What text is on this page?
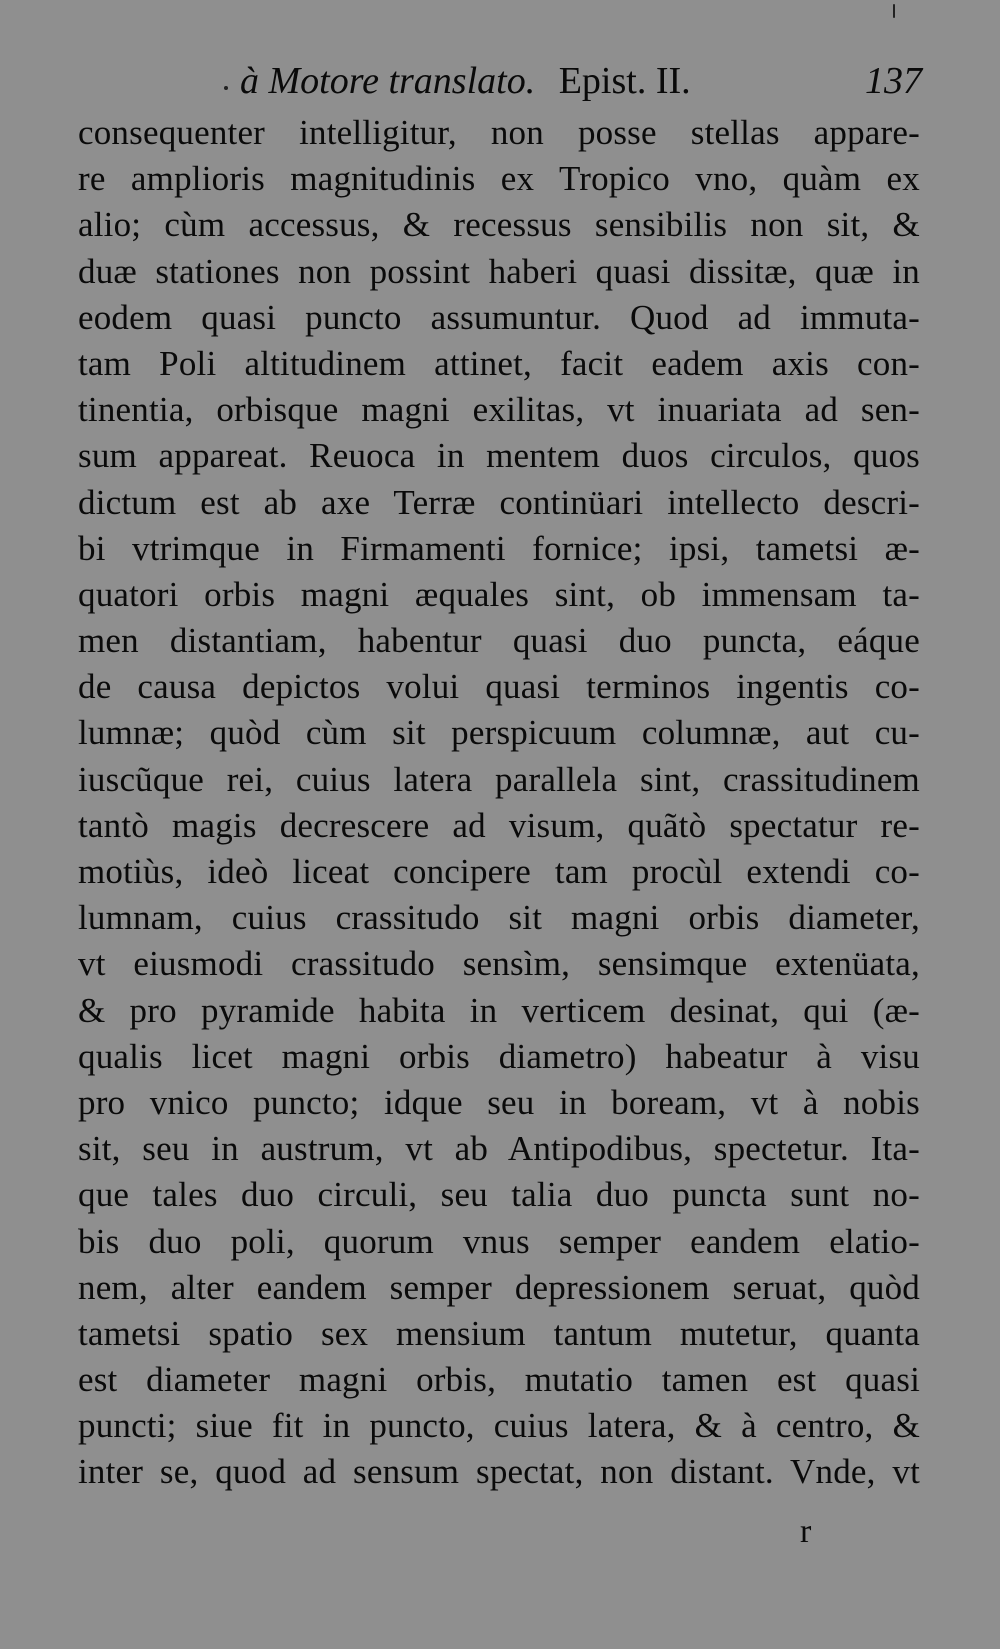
à Motore translato. Epist. II.	137
consequenter intelligitur, non posse stellas appare-
re amplioris magnitudinis ex Tropico vno, quàm ex
alio; cùm accessus, & recessus sensibilis non sit, &
duæ stationes non possint haberi quasi dissitæ, quæ in
eodem quasi puncto assumuntur. Quod ad immuta-
tam Poli altitudinem attinet, facit eadem axis con-
tinentia, orbisque magni exilitas, vt inuariata ad sen-
sum appareat. Reuoca in mentem duos circulos, quos
dictum est ab axe Terræ continüari intellecto descri-
bi vtrimque in Firmamenti fornice; ipsi, tametsi æ-
quatori orbis magni æquales sint, ob immensam ta-
men distantiam, habentur quasi duo puncta, eáque
de causa depictos volui quasi terminos ingentis co-
lumnæ; quòd cùm sit perspicuum columnæ, aut cu-
iuscũque rei, cuius latera parallela sint, crassitudinem
tantò magis decrescere ad visum, quãtò spectatur re-
motiùs, ideò liceat concipere tam procùl extendi co-
lumnam, cuius crassitudo sit magni orbis diameter,
vt eiusmodi crassitudo sensìm, sensimque extenüata,
& pro pyramide habita in verticem desinat, qui (æ-
qualis licet magni orbis diametro) habeatur à visu
pro vnico puncto; idque seu in boream, vt à nobis
sit, seu in austrum, vt ab Antipodibus, spectetur. Ita-
que tales duo circuli, seu talia duo puncta sunt no-
bis duo poli, quorum vnus semper eandem elatio-
nem, alter eandem semper depressionem seruat, quòd
tametsi spatio sex mensium tantum mutetur, quanta
est diameter magni orbis, mutatio tamen est quasi
puncti; siue fit in puncto, cuius latera, & à centro, &
inter se, quod ad sensum spectat, non distant. Vnde, vt
r
